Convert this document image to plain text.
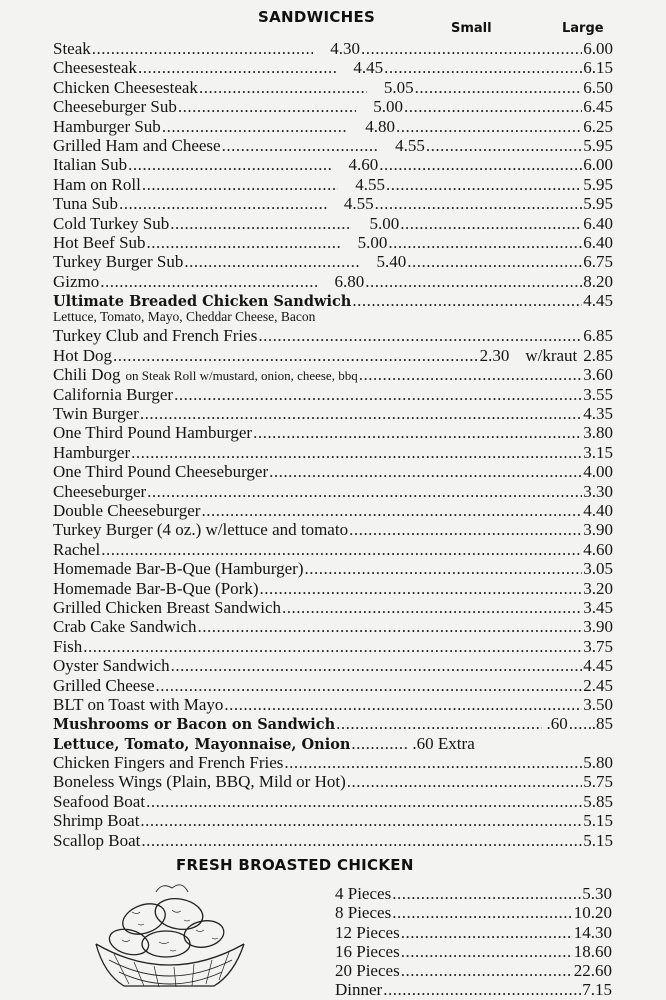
SANDWICHES
Small	Large
Steak .....	4.30 .....	6.00
Cheesesteak .....	4.45 .....	6.15
Chicken Cheesesteak .....	5.05 .....	6.50
Cheeseburger Sub .....	5.00 .....	6.45
Hamburger Sub .....	4.80 .....	6.25
Grilled Ham and Cheese .....	4.55 .....	5.95
Italian Sub .....	4.60 .....	6.00
Ham on Roll .....	4.55 .....	5.95
Tuna Sub .....	4.55 .....	5.95
Cold Turkey Sub .....	5.00 .....	6.40
Hot Beef Sub .....	5.00 .....	6.40
Turkey Burger Sub .....	5.40 .....	6.75
Gizmo .....	6.80 .....	8.20
Ultimate Breaded Chicken Sandwich .....	4.45
Lettuce, Tomato, Mayo, Cheddar Cheese, Bacon
Turkey Club and French Fries .....	6.85
Hot Dog .....	2.30 w/kraut 2.85
Chili Dog on Steak Roll w/mustard, onion, cheese, bbq .....	3.60
California Burger .....	3.55
Twin Burger .....	4.35
One Third Pound Hamburger .....	3.80
Hamburger .....	3.15
One Third Pound Cheeseburger .....	4.00
Cheeseburger .....	3.30
Double Cheeseburger .....	4.40
Turkey Burger (4 oz.) w/lettuce and tomato .....	3.90
Rachel .....	4.60
Homemade Bar-B-Que (Hamburger) .....	3.05
Homemade Bar-B-Que (Pork) .....	3.20
Grilled Chicken Breast Sandwich .....	3.45
Crab Cake Sandwich .....	3.90
Fish .....	3.75
Oyster Sandwich .....	4.45
Grilled Cheese .....	2.45
BLT on Toast with Mayo .....	3.50
Mushrooms or Bacon on Sandwich .....	.60 ..... .85
Lettuce, Tomato, Mayonnaise, Onion .....	.60 Extra
Chicken Fingers and French Fries .....	5.80
Boneless Wings (Plain, BBQ, Mild or Hot) .....	5.75
Seafood Boat .....	5.85
Shrimp Boat .....	5.15
Scallop Boat .....	5.15
FRESH BROASTED CHICKEN
4 Pieces .....	5.30
8 Pieces .....	10.20
12 Pieces .....	14.30
16 Pieces .....	18.60
20 Pieces .....	22.60
Dinner .....	7.15
